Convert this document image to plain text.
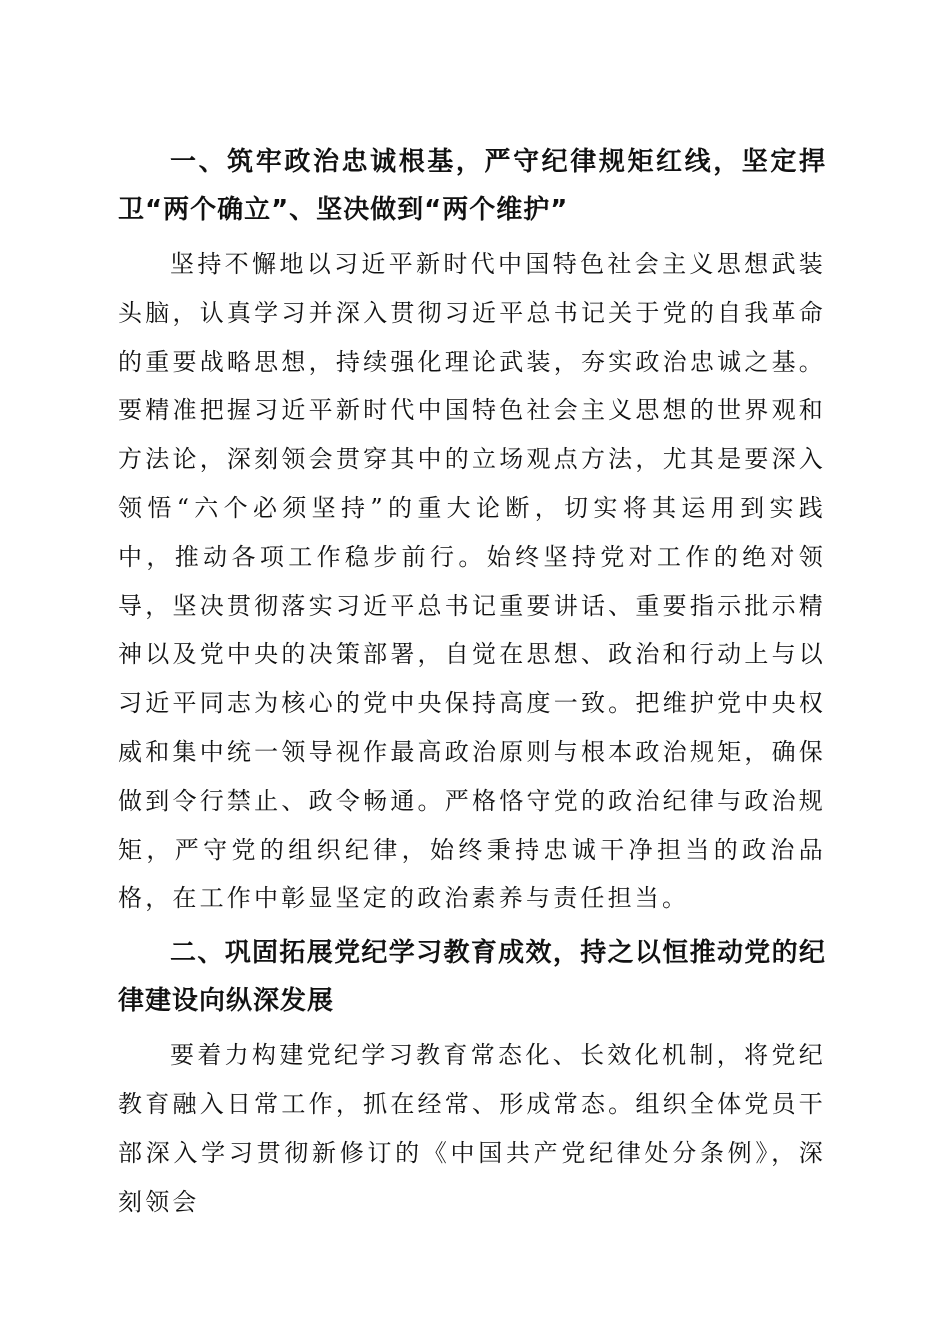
一、筑牢政治忠诚根基，严守纪律规矩红线，坚定捍卫“两个确立”、坚决做到“两个维护”

坚持不懈地以习近平新时代中国特色社会主义思想武装头脑，认真学习并深入贯彻习近平总书记关于党的自我革命的重要战略思想，持续强化理论武装，夯实政治忠诚之基。要精准把握习近平新时代中国特色社会主义思想的世界观和方法论，深刻领会贯穿其中的立场观点方法，尤其是要深入领悟“六个必须坚持”的重大论断，切实将其运用到实践中，推动各项工作稳步前行。始终坚持党对工作的绝对领导，坚决贯彻落实习近平总书记重要讲话、重要指示批示精神以及党中央的决策部署，自觉在思想、政治和行动上与以习近平同志为核心的党中央保持高度一致。把维护党中央权威和集中统一领导视作最高政治原则与根本政治规矩，确保做到令行禁止、政令畅通。严格恪守党的政治纪律与政治规矩，严守党的组织纪律，始终秉持忠诚干净担当的政治品格，在工作中彰显坚定的政治素养与责任担当。

二、巩固拓展党纪学习教育成效，持之以恒推动党的纪律建设向纵深发展

要着力构建党纪学习教育常态化、长效化机制，将党纪教育融入日常工作，抓在经常、形成常态。组织全体党员干部深入学习贯彻新修订的《中国共产党纪律处分条例》，深刻领会
